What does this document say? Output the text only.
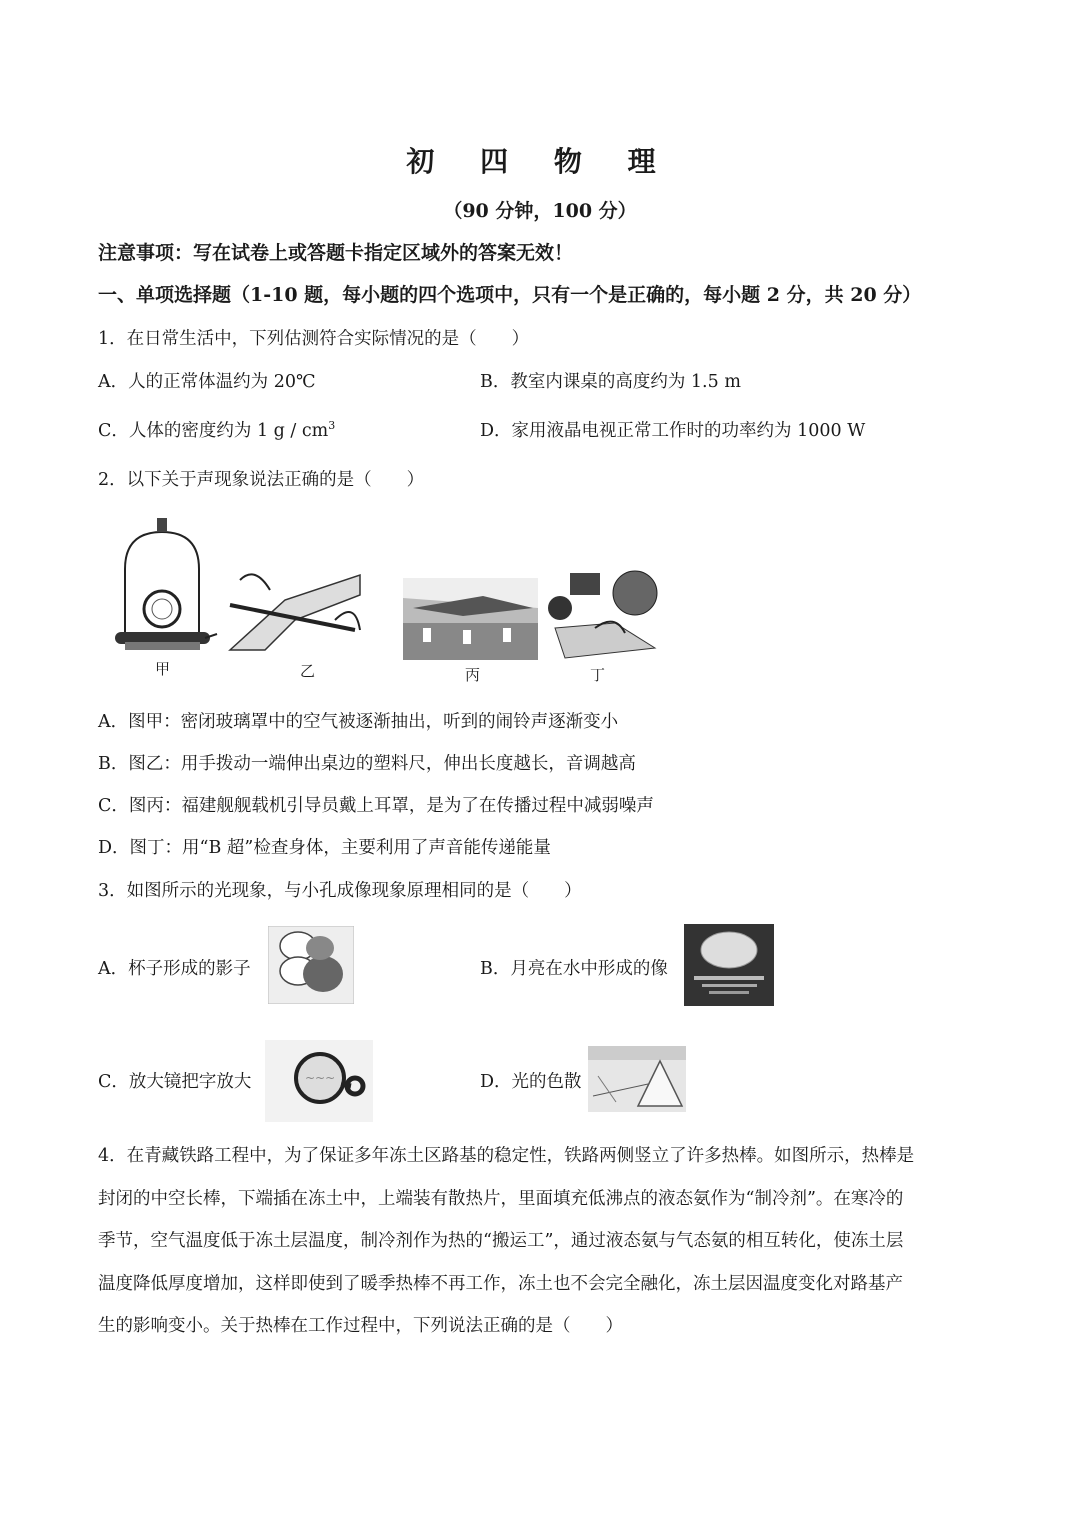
初 四 物 理
（90 分钟，100 分）
注意事项：写在试卷上或答题卡指定区域外的答案无效！
一、单项选择题（1-10 题，每小题的四个选项中，只有一个是正确的，每小题 2 分，共 20 分）
1．在日常生活中，下列估测符合实际情况的是（　　）
A．人的正常体温约为 20℃	B．教室内课桌的高度约为 1.5 m
C．人体的密度约为 1 g / $cm^3$	D．家用液晶电视正常工作时的功率约为 1000 W
2．以下关于声现象说法正确的是（　　）
甲	乙	丙	丁
A．图甲：密闭玻璃罩中的空气被逐渐抽出，听到的闹铃声逐渐变小
B．图乙：用手拨动一端伸出桌边的塑料尺，伸出长度越长，音调越高
C．图丙：福建舰舰载机引导员戴上耳罩，是为了在传播过程中减弱噪声
D．图丁：用“B 超”检查身体，主要利用了声音能传递能量
3．如图所示的光现象，与小孔成像现象原理相同的是（　　）
A．杯子形成的影子	B．月亮在水中形成的像
C．放大镜把字放大	~~~	D．光的色散
4．在青藏铁路工程中，为了保证多年冻土区路基的稳定性，铁路两侧竖立了许多热棒。如图所示，热棒是
封闭的中空长棒，下端插在冻土中，上端装有散热片，里面填充低沸点的液态氨作为“制冷剂”。在寒冷的
季节，空气温度低于冻土层温度，制冷剂作为热的“搬运工”，通过液态氨与气态氨的相互转化，使冻土层
温度降低厚度增加，这样即使到了暖季热棒不再工作，冻土也不会完全融化，冻土层因温度变化对路基产
生的影响变小。关于热棒在工作过程中，下列说法正确的是（　　）
